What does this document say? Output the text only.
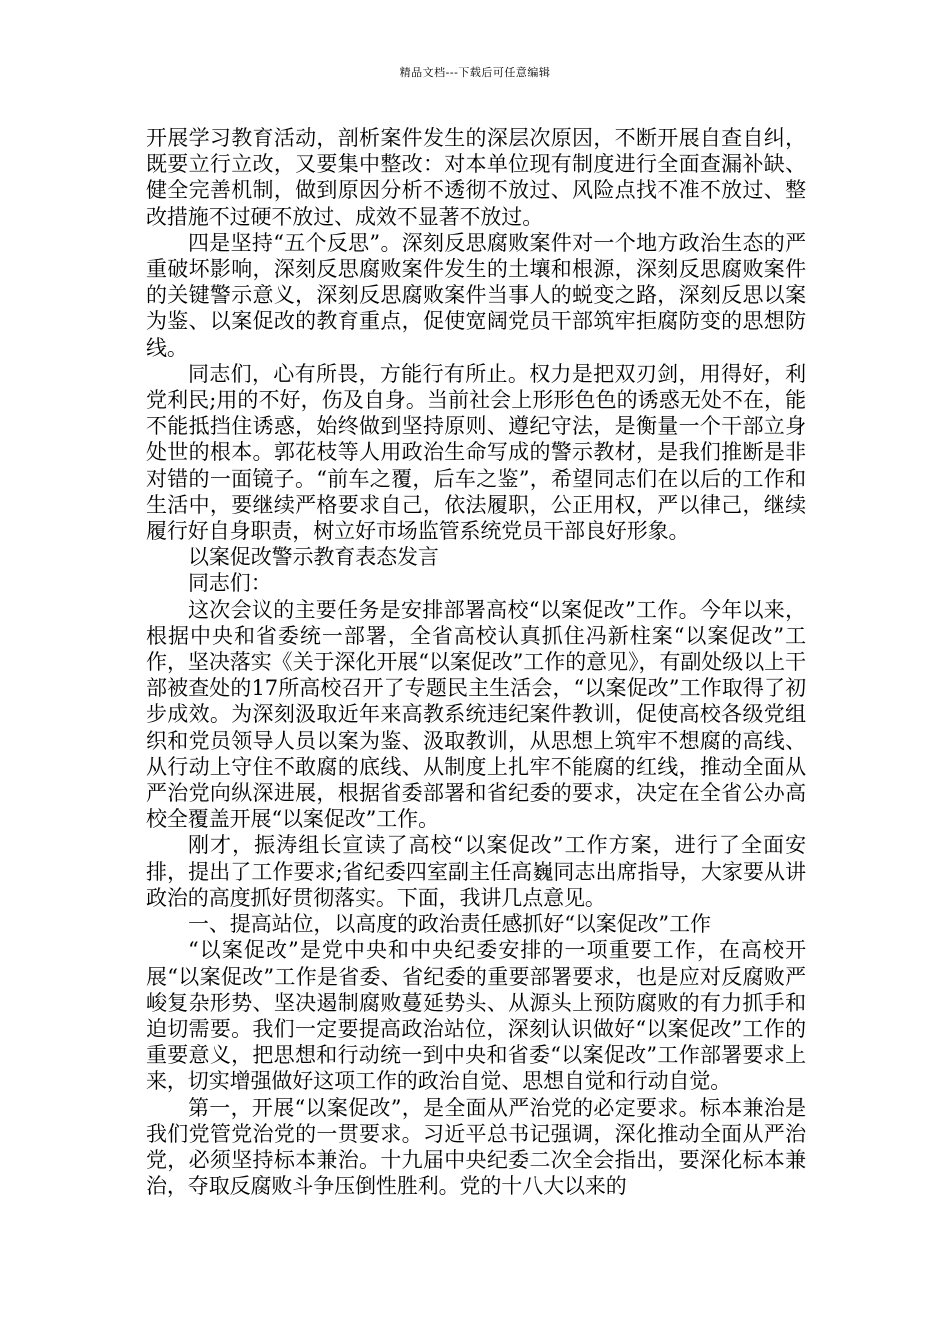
精品文档---下载后可任意编辑

开展学习教育活动，剖析案件发生的深层次原因，不断开展自查自纠，既要立行立改，又要集中整改：对本单位现有制度进行全面查漏补缺、健全完善机制，做到原因分析不透彻不放过、风险点找不准不放过、整改措施不过硬不放过、成效不显著不放过。

四是坚持“五个反思”。深刻反思腐败案件对一个地方政治生态的严重破坏影响，深刻反思腐败案件发生的土壤和根源，深刻反思腐败案件的关键警示意义，深刻反思腐败案件当事人的蜕变之路，深刻反思以案为鉴、以案促改的教育重点，促使宽阔党员干部筑牢拒腐防变的思想防线。

同志们，心有所畏，方能行有所止。权力是把双刃剑，用得好，利党利民;用的不好，伤及自身。当前社会上形形色色的诱惑无处不在，能不能抵挡住诱惑，始终做到坚持原则、遵纪守法，是衡量一个干部立身处世的根本。郭花枝等人用政治生命写成的警示教材，是我们推断是非对错的一面镜子。“前车之覆，后车之鉴”，希望同志们在以后的工作和生活中，要继续严格要求自己，依法履职，公正用权，严以律己，继续履行好自身职责，树立好市场监管系统党员干部良好形象。

以案促改警示教育表态发言

同志们：

这次会议的主要任务是安排部署高校“以案促改”工作。今年以来，根据中央和省委统一部署，全省高校认真抓住冯新柱案“以案促改”工作，坚决落实《关于深化开展“以案促改”工作的意见》，有副处级以上干部被查处的17所高校召开了专题民主生活会，“以案促改”工作取得了初步成效。为深刻汲取近年来高教系统违纪案件教训，促使高校各级党组织和党员领导人员以案为鉴、汲取教训，从思想上筑牢不想腐的高线、从行动上守住不敢腐的底线、从制度上扎牢不能腐的红线，推动全面从严治党向纵深进展，根据省委部署和省纪委的要求，决定在全省公办高校全覆盖开展“以案促改”工作。

刚才，振涛组长宣读了高校“以案促改”工作方案，进行了全面安排，提出了工作要求;省纪委四室副主任高巍同志出席指导，大家要从讲政治的高度抓好贯彻落实。下面，我讲几点意见。

一、提高站位，以高度的政治责任感抓好“以案促改”工作

“以案促改”是党中央和中央纪委安排的一项重要工作，在高校开展“以案促改”工作是省委、省纪委的重要部署要求，也是应对反腐败严峻复杂形势、坚决遏制腐败蔓延势头、从源头上预防腐败的有力抓手和迫切需要。我们一定要提高政治站位，深刻认识做好“以案促改”工作的重要意义，把思想和行动统一到中央和省委“以案促改”工作部署要求上来，切实增强做好这项工作的政治自觉、思想自觉和行动自觉。

第一，开展“以案促改”，是全面从严治党的必定要求。标本兼治是我们党管党治党的一贯要求。习近平总书记强调，深化推动全面从严治党，必须坚持标本兼治。十九届中央纪委二次全会指出，要深化标本兼治，夺取反腐败斗争压倒性胜利。党的十八大以来的
